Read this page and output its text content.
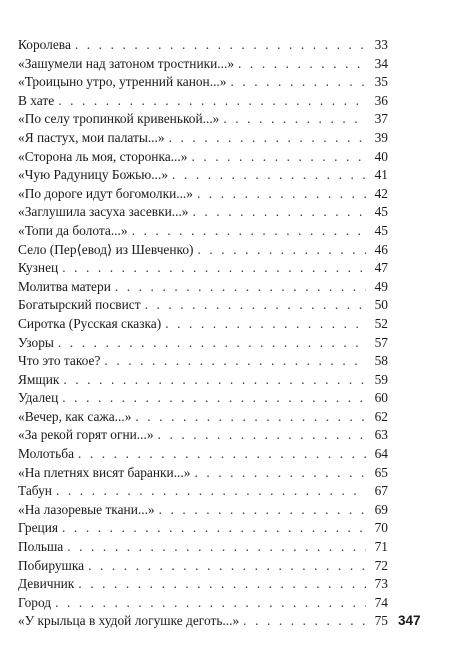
Королева . . .	33
«Зашумели над затоном тростники...» . . .	34
«Троицыно утро, утренний канон...» . . .	35
В хате . . .	36
«По селу тропинкой кривенькой...» . . .	37
«Я пастух, мои палаты...» . . .	39
«Сторона ль моя, сторонка...» . . .	40
«Чую Радуницу Божью...» . . .	41
«По дороге идут богомолки...» . . .	42
«Заглушила засуха засевки...» . . .	45
«Топи да болота...» . . .	45
Село (Пер⟨евод⟩ из Шевченко) . . .	46
Кузнец . . .	47
Молитва матери . . .	49
Богатырский посвист . . .	50
Сиротка (Русская сказка) . . .	52
Узоры . . .	57
Что это такое? . . .	58
Ямщик . . .	59
Удалец . . .	60
«Вечер, как сажа...» . . .	62
«За рекой горят огни...» . . .	63
Молотьба . . .	64
«На плетнях висят баранки...» . . .	65
Табун . . .	67
«На лазоревые ткани...» . . .	69
Греция . . .	70
Польша . . .	71
Побирушка . . .	72
Девичник . . .	73
Город . . .	74
«У крыльца в худой логушке деготь...» . . .	75 347
